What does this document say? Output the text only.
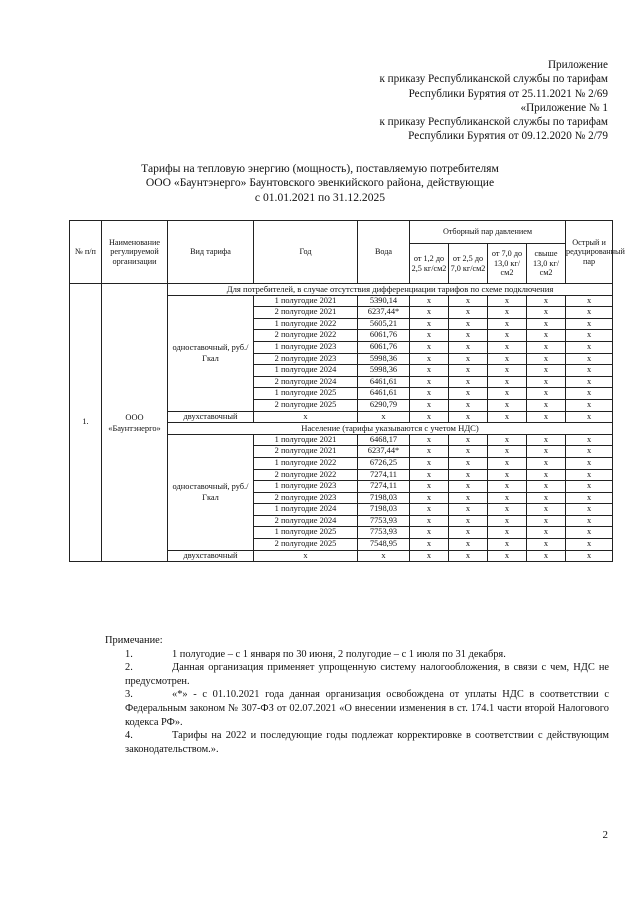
Приложение
к приказу Республиканской службы по тарифам
Республики Бурятия от 25.11.2021 № 2/69
«Приложение № 1
к приказу Республиканской службы по тарифам
Республики Бурятия от 09.12.2020 № 2/79
Тарифы на тепловую энергию (мощность), поставляемую потребителям
ООО «Баунтэнерго» Баунтовского эвенкийского района, действующие
с 01.01.2021 по 31.12.2025
№ п/п	Наименование регулируемой организации	Вид тарифа	Год	Вода	Отборный пар давлением				Острый и редуцированный пар
					от 1,2 до 2,5 кг/см2	от 2,5 до 7,0 кг/см2	от 7,0 до 13,0 кг/см2	свыше 13,0 кг/см2	
1.	ООО «Баунтэнерго»	Для потребителей, в случае отсутствия дифференциации тарифов по схеме подключения							
		одноставочный, руб./Гкал	1 полугодие 2021	5390,14	х	х	х	х	х
			2 полугодие 2021	6237,44*	х	х	х	х	х
			1 полугодие 2022	5605,21	х	х	х	х	х
			2 полугодие 2022	6061,76	х	х	х	х	х
			1 полугодие 2023	6061,76	х	х	х	х	х
			2 полугодие 2023	5998,36	х	х	х	х	х
			1 полугодие 2024	5998,36	х	х	х	х	х
			2 полугодие 2024	6461,61	х	х	х	х	х
			1 полугодие 2025	6461,61	х	х	х	х	х
			2 полугодие 2025	6290,79	х	х	х	х	х
		двухставочный	х	х	х	х	х	х	х
		Население (тарифы указываются с учетом НДС)							
		одноставочный, руб./Гкал	1 полугодие 2021	6468,17	х	х	х	х	х
			2 полугодие 2021	6237,44*	х	х	х	х	х
			1 полугодие 2022	6726,25	х	х	х	х	х
			2 полугодие 2022	7274,11	х	х	х	х	х
			1 полугодие 2023	7274,11	х	х	х	х	х
			2 полугодие 2023	7198,03	х	х	х	х	х
			1 полугодие 2024	7198,03	х	х	х	х	х
			2 полугодие 2024	7753,93	х	х	х	х	х
			1 полугодие 2025	7753,93	х	х	х	х	х
			2 полугодие 2025	7548,95	х	х	х	х	х
		двухставочный	х	х	х	х	х	х	х
Примечание:
1.	1 полугодие – с 1 января по 30 июня, 2 полугодие – с 1 июля по 31 декабря.
2.	Данная организация применяет упрощенную систему налогообложения, в связи с чем, НДС не предусмотрен.
3.	«*» - с 01.10.2021 года данная организация освобождена от уплаты НДС в соответствии с Федеральным законом № 307-ФЗ от 02.07.2021 «О внесении изменения в ст. 174.1 части второй Налогового кодекса РФ».
4.	Тарифы на 2022 и последующие годы подлежат корректировке в соответствии с действующим законодательством.».
2
